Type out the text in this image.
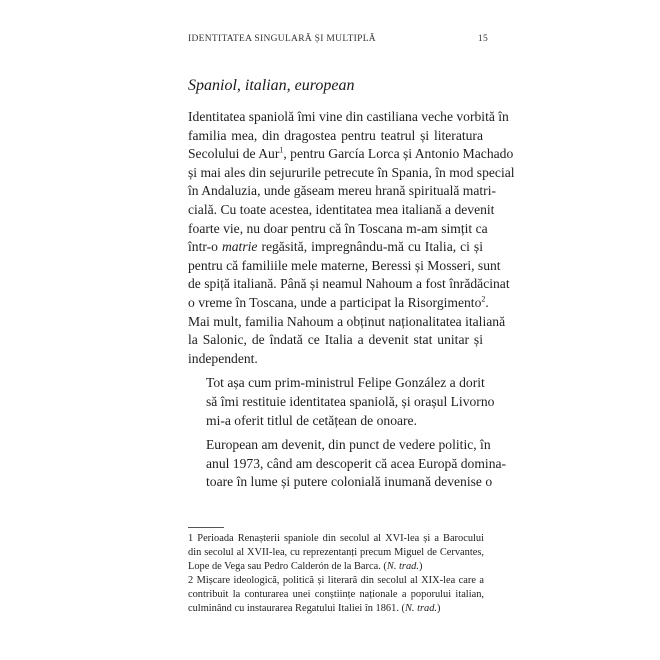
IDENTITATEA SINGULARĂ ȘI MULTIPLĂ	15
Spaniol, italian, european

Identitatea spaniolă îmi vine din castiliana veche vorbită în
familia mea, din dragostea pentru teatrul și literatura
Secolului de Aur$^1$, pentru García Lorca și Antonio Machado
și mai ales din sejururile petrecute în Spania, în mod special
în Andaluzia, unde găseam mereu hrană spirituală matri-
cială. Cu toate acestea, identitatea mea italiană a devenit
foarte vie, nu doar pentru că în Toscana m-am simțit ca
într-o matrie regăsită, impregnându-mă cu Italia, ci și
pentru că familiile mele materne, Beressi și Mosseri, sunt
de spiță italiană. Până și neamul Nahoum a fost înrădăcinat
o vreme în Toscana, unde a participat la Risorgimento$^2$.
Mai mult, familia Nahoum a obținut naționalitatea italiană
la Salonic, de îndată ce Italia a devenit stat unitar și
independent.

Tot așa cum prim-ministrul Felipe González a dorit
să îmi restituie identitatea spaniolă, și orașul Livorno
mi-a oferit titlul de cetățean de onoare.

European am devenit, din punct de vedere politic, în
anul 1973, când am descoperit că acea Europă domina-
toare în lume și putere colonială inumană devenise o

1 Perioada Renașterii spaniole din secolul al XVI-lea și a Barocului
din secolul al XVII-lea, cu reprezentanți precum Miguel de Cervantes,
Lope de Vega sau Pedro Calderón de la Barca. (N. trad.)

2 Mișcare ideologică, politică și literară din secolul al XIX-lea care a
contribuit la conturarea unei conștiințe naționale a poporului italian,
culminând cu instaurarea Regatului Italiei în 1861. (N. trad.)
